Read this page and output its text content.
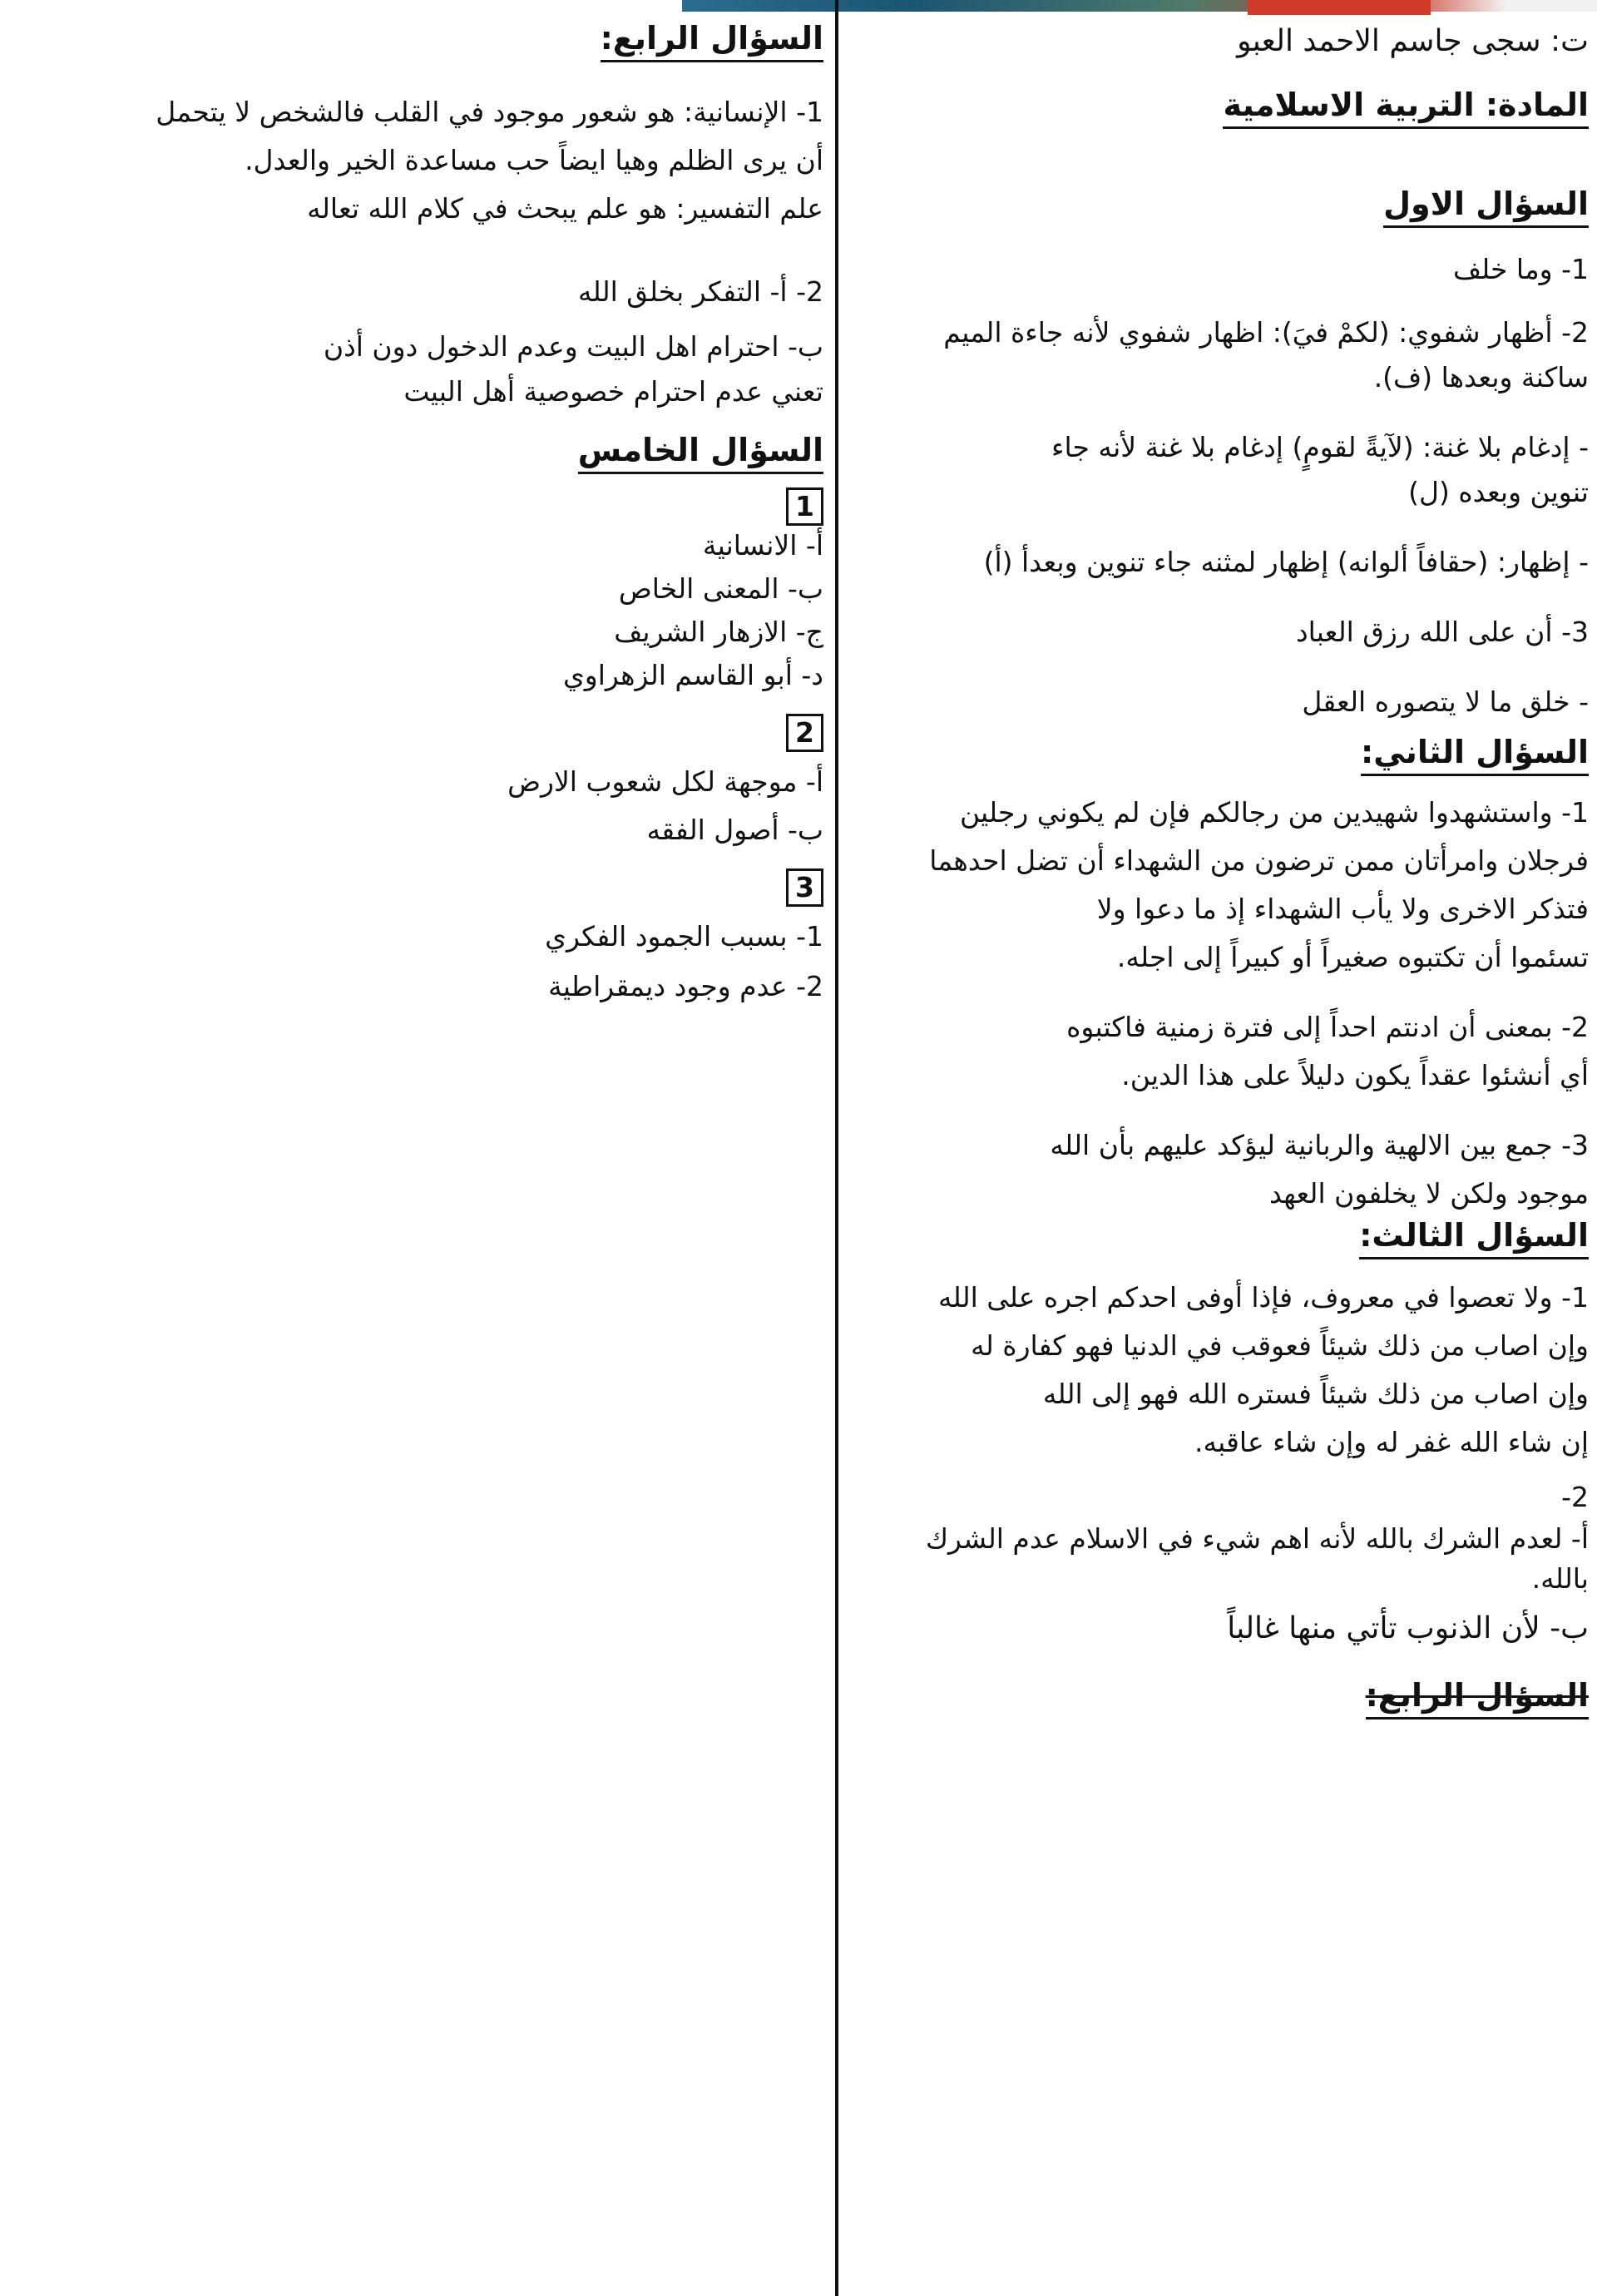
ت: سجى جاسم الاحمد العبو
المادة: التربية الاسلامية
السؤال الاول
1- وما خلف
2- أظهار شفوي: (لكمْ فيَ): اظهار شفوي لأنه جاءة الميم
ساكنة وبعدها (ف).
- إدغام بلا غنة: (لآيةً لقومٍ) إدغام بلا غنة لأنه جاء
تنوين وبعده (ل)
- إظهار: (حقافاً ألوانه) إظهار لمثنه جاء تنوين وبعدأ (أ)
3- أن على الله رزق العباد
- خلق ما لا يتصوره العقل
السؤال الثاني:
1- واستشهدوا شهيدين من رجالكم فإن لم يكوني رجلين
فرجلان وامرأتان ممن ترضون من الشهداء أن تضل احدهما
فتذكر الاخرى ولا يأب الشهداء إذ ما دعوا ولا
تسئموا أن تكتبوه صغيراً أو كبيراً إلى اجله.
2- بمعنى أن ادنتم احداً إلى فترة زمنية فاكتبوه
أي أنشئوا عقداً يكون دليلاً على هذا الدين.
3- جمع بين الالهية والربانية ليؤكد عليهم بأن الله
موجود ولكن لا يخلفون العهد
السؤال الثالث:
1- ولا تعصوا في معروف، فإذا أوفى احدكم اجره على الله
وإن اصاب من ذلك شيئاً فعوقب في الدنيا فهو كفارة له
وإن اصاب من ذلك شيئاً فستره الله فهو إلى الله
إن شاء الله غفر له وإن شاء عاقبه.
2-
أ- لعدم الشرك بالله لأنه اهم شيء في الاسلام عدم الشرك
بالله.
ب- لأن الذنوب تأتي منها غالباً
السؤال الرابع:
السؤال الرابع:
1- الإنسانية: هو شعور موجود في القلب فالشخص لا يتحمل
أن يرى الظلم وهيا ايضاً حب مساعدة الخير والعدل.
علم التفسير: هو علم يبحث في كلام الله تعاله
2- أ- التفكر بخلق الله
ب- احترام اهل البيت وعدم الدخول دون أذن
تعني عدم احترام خصوصية أهل البيت
السؤال الخامس
1
أ- الانسانية
ب- المعنى الخاص
ج- الازهار الشريف
د- أبو القاسم الزهراوي
2
أ- موجهة لكل شعوب الارض
ب- أصول الفقه
3
1- بسبب الجمود الفكري
2- عدم وجود ديمقراطية
